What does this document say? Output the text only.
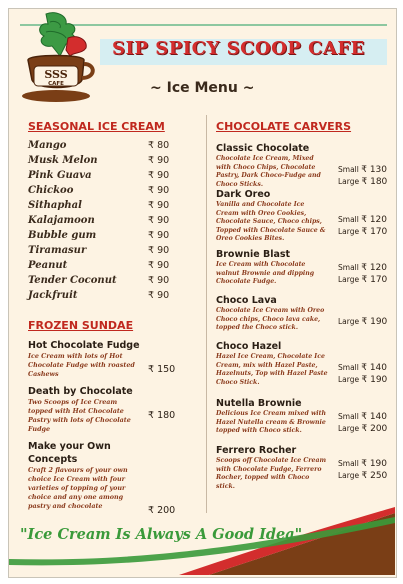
SSS
CAFE
SIP SPICY SCOOP CAFE
~ Ice Menu ~
SEASONAL ICE CREAM
Mango	₹ 80
Musk Melon	₹ 90
Pink Guava	₹ 90
Chickoo	₹ 90
Sithaphal	₹ 90
Kalajamoon	₹ 90
Bubble gum	₹ 90
Tiramasur	₹ 90
Peanut	₹ 90
Tender Coconut	₹ 90
Jackfruit	₹ 90
FROZEN SUNDAE
Hot Chocolate Fudge
Ice Cream with lots of Hot Chocolate Fudge with roasted Cashews	₹ 150
Death by Chocolate
Two Scoops of Ice Cream topped with Hot Chocolate Pastry with lots of Chocolate Fudge
₹ 180
Make your Own Concepts
Craft 2 flavours of your own choice Ice Cream with four varieties of topping of your choice and any one among pastry and chocolate	₹ 200
CHOCOLATE CARVERS
Classic Chocolate
Chocolate Ice Cream, Mixed with Choco Chips, Chocolate Pastry, Dark Choco-Fudge and Choco Sticks.
Small ₹ 130
Large ₹ 180
Dark Oreo
Vanilla and Chocolate Ice Cream with Oreo Cookies, Chocolate Sauce, Choco chips, Topped with Chocolate Sauce & Oreo Cookies Bites.
Small ₹ 120
Large ₹ 170
Brownie Blast
Ice Cream with Chocolate walnut Brownie and dipping Chocolate Fudge.
Small ₹ 120
Large ₹ 170
Choco Lava
Chocolate Ice Cream with Oreo Choco chips, Choco lava cake, topped the Choco stick.
Large ₹ 190
Choco Hazel
Hazel Ice Cream, Chocolate Ice Cream, mix with Hazel Paste, Hazelnuts, Top with Hazel Paste Choco Stick.
Small ₹ 140
Large ₹ 190
Nutella Brownie
Delicious Ice Cream mixed with Hazel Nutella cream & Brownie topped with Choco stick.
Small ₹ 140
Large ₹ 200
Ferrero Rocher
Scoops off Chocolate Ice Cream with Chocolate Fudge, Ferrero Rocher, topped with Choco stick.
Small ₹ 190
Large ₹ 250
"Ice Cream Is Always A Good Idea"
